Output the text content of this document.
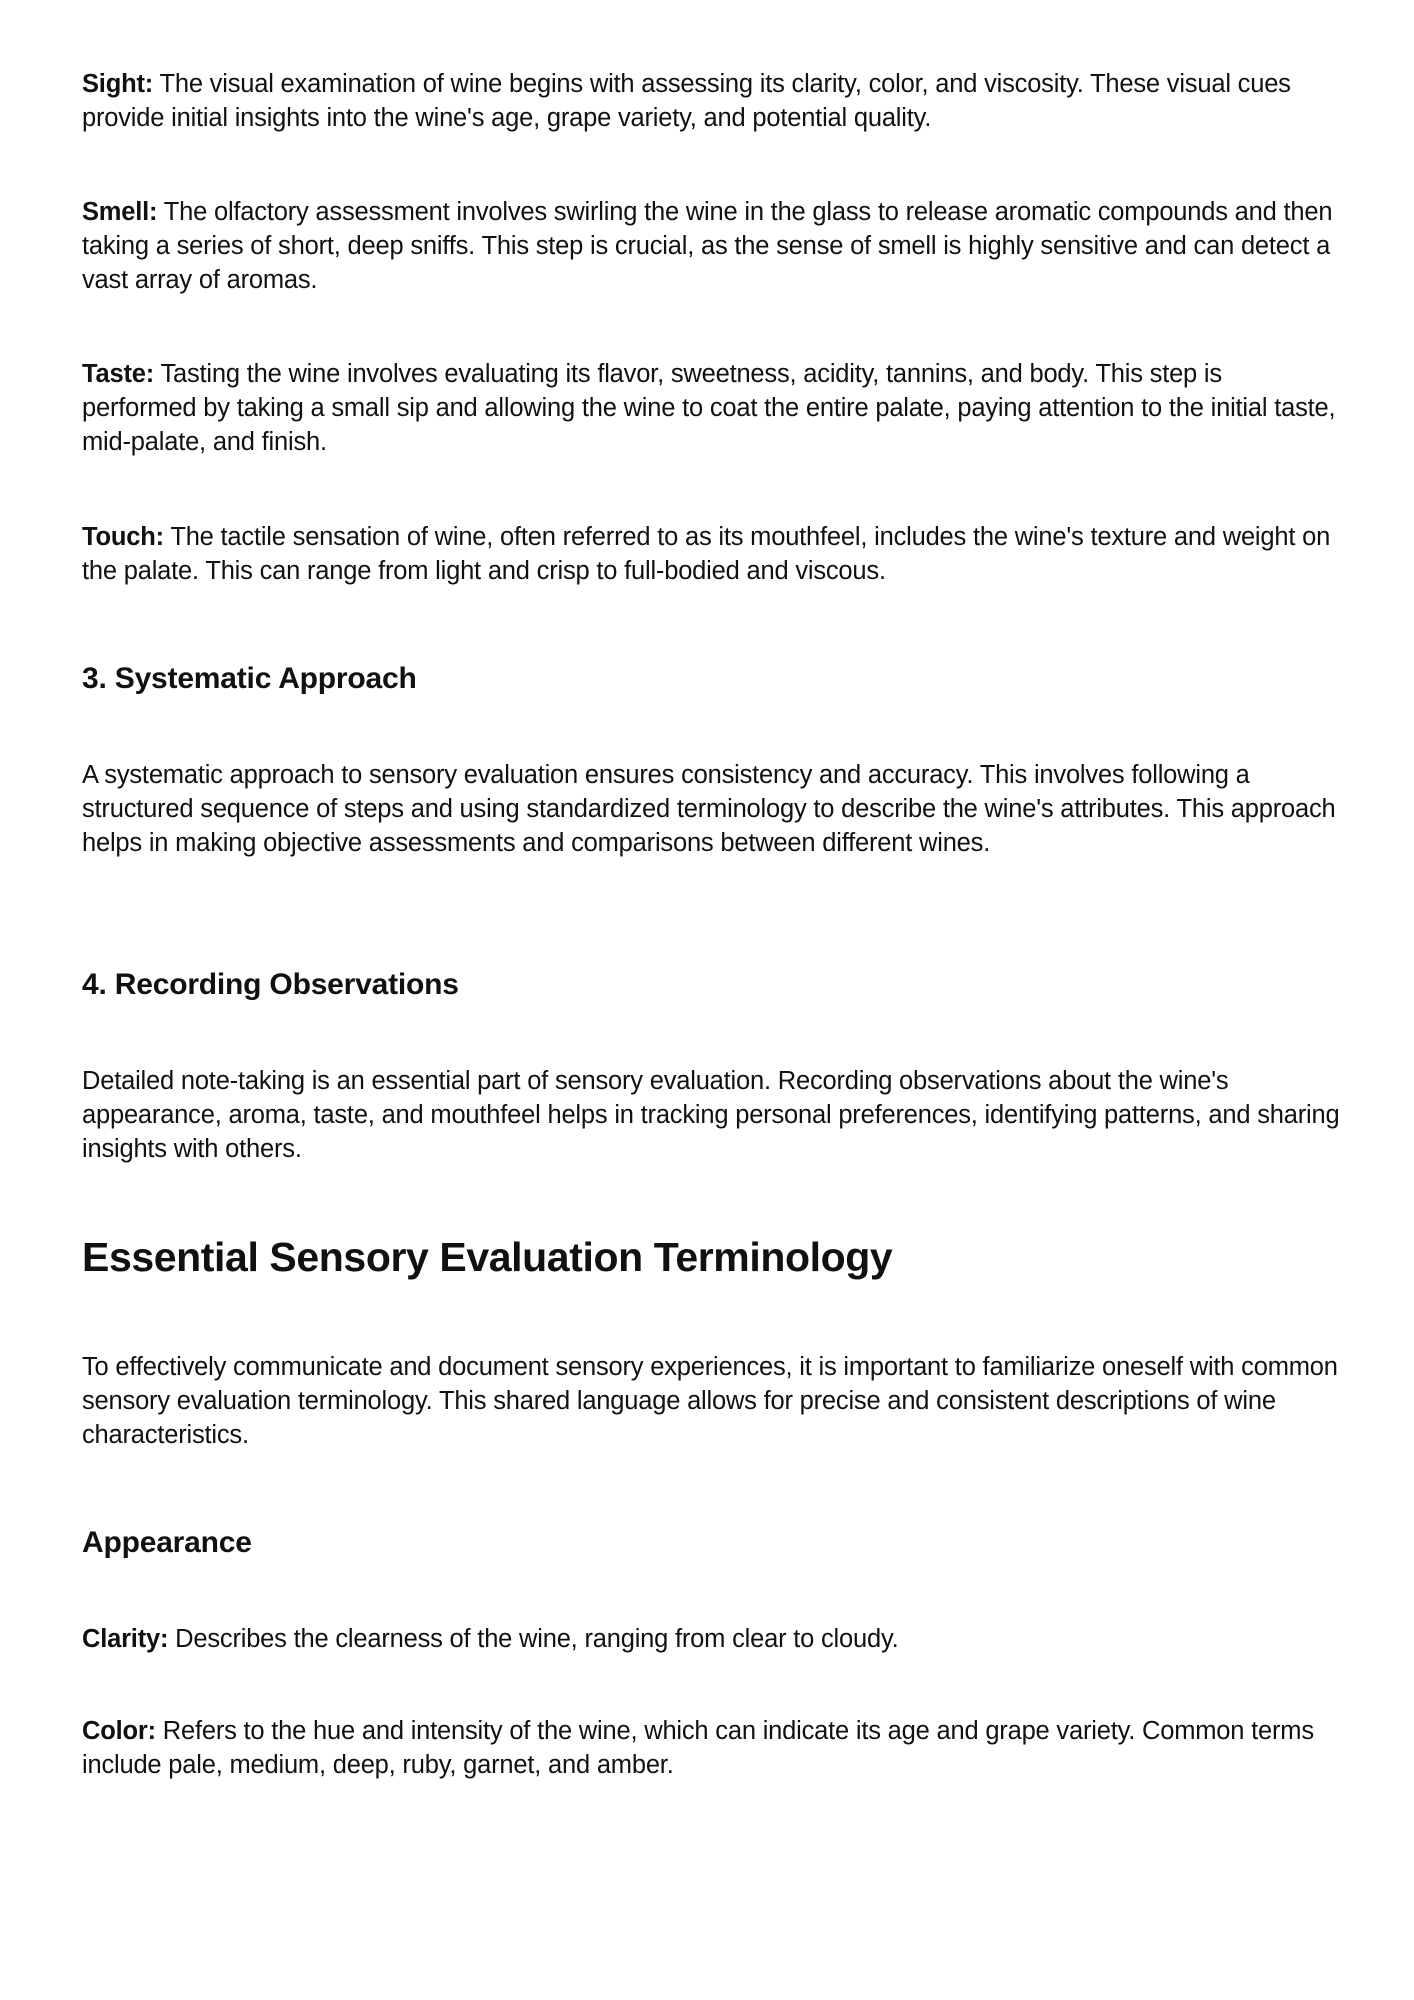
Sight: The visual examination of wine begins with assessing its clarity, color, and viscosity. These visual cues provide initial insights into the wine's age, grape variety, and potential quality.

Smell: The olfactory assessment involves swirling the wine in the glass to release aromatic compounds and then taking a series of short, deep sniffs. This step is crucial, as the sense of smell is highly sensitive and can detect a vast array of aromas.

Taste: Tasting the wine involves evaluating its flavor, sweetness, acidity, tannins, and body. This step is performed by taking a small sip and allowing the wine to coat the entire palate, paying attention to the initial taste, mid-palate, and finish.

Touch: The tactile sensation of wine, often referred to as its mouthfeel, includes the wine's texture and weight on the palate. This can range from light and crisp to full-bodied and viscous.

3. Systematic Approach

A systematic approach to sensory evaluation ensures consistency and accuracy. This involves following a structured sequence of steps and using standardized terminology to describe the wine's attributes. This approach helps in making objective assessments and comparisons between different wines.

4. Recording Observations

Detailed note-taking is an essential part of sensory evaluation. Recording observations about the wine's appearance, aroma, taste, and mouthfeel helps in tracking personal preferences, identifying patterns, and sharing insights with others.

Essential Sensory Evaluation Terminology

To effectively communicate and document sensory experiences, it is important to familiarize oneself with common sensory evaluation terminology. This shared language allows for precise and consistent descriptions of wine characteristics.

Appearance

Clarity: Describes the clearness of the wine, ranging from clear to cloudy.

Color: Refers to the hue and intensity of the wine, which can indicate its age and grape variety. Common terms include pale, medium, deep, ruby, garnet, and amber.
